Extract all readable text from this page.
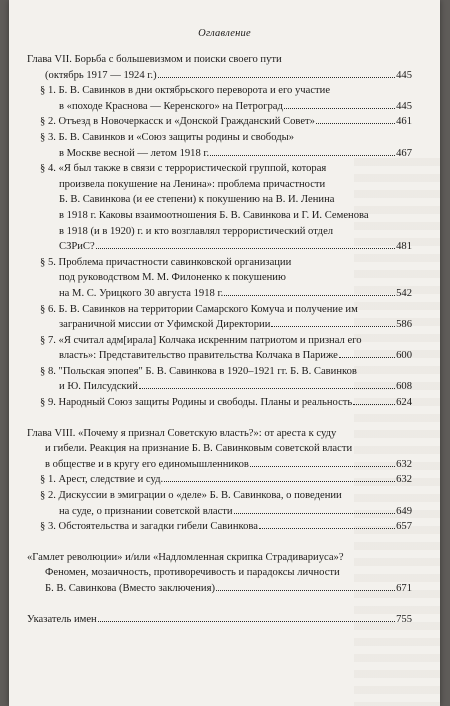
Оглавление
Глава VII. Борьба с большевизмом и поиски своего пути
(октябрь 1917 — 1924 г.)	445
§ 1. Б. В. Савинков в дни октябрьского переворота и его участие
в «походе Краснова — Керенского» на Петроград	445
§ 2. Отъезд в Новочеркасск и «Донской Гражданский Совет»	461
§ 3. Б. В. Савинков и «Союз защиты родины и свободы»
в Москве весной — летом 1918 г.	467
§ 4. «Я был также в связи с террористической группой, которая
произвела покушение на Ленина»: проблема причастности
Б. В. Савинкова (и ее степени) к покушению на В. И. Ленина
в 1918 г. Каковы взаимоотношения Б. В. Савинкова и Г. И. Семенова
в 1918 (и в 1920) г. и кто возглавлял террористический отдел
СЗРиС?	481
§ 5. Проблема причастности савинковской организации
под руководством М. М. Филоненко к покушению
на М. С. Урицкого 30 августа 1918 г.	542
§ 6. Б. В. Савинков на территории Самарского Комуча и получение им
заграничной миссии от Уфимской Директории	586
§ 7. «Я считал адм[ирала] Колчака искренним патриотом и признал его
власть»: Представительство правительства Колчака в Париже	600
§ 8. "Польская эпопея" Б. В. Савинкова в 1920–1921 гг. Б. В. Савинков
и Ю. Пилсудский	608
§ 9. Народный Союз защиты Родины и свободы. Планы и реальность	624
Глава VIII. «Почему я признал Советскую власть?»: от ареста к суду
и гибели. Реакция на признание Б. В. Савинковым советской власти
в обществе и в кругу его единомышленников	632
§ 1. Арест, следствие и суд.	632
§ 2. Дискуссии в эмиграции о «деле» Б. В. Савинкова, о поведении
на суде, о признании советской власти	649
§ 3. Обстоятельства и загадки гибели Савинкова	657
«Гамлет революции» и/или «Надломленная скрипка Страдивариуса»?
Феномен, мозаичность, противоречивость и парадоксы личности
Б. В. Савинкова (Вместо заключения)	671
Указатель имен	755
